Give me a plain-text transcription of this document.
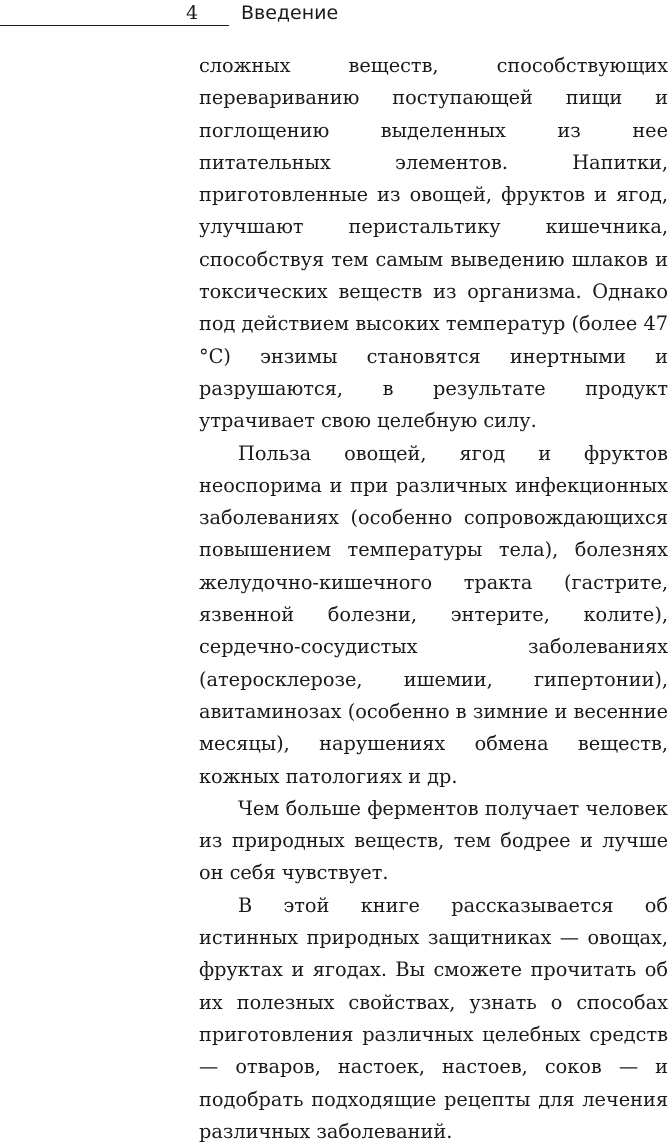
4 Введение

сложных веществ, способствующих перевариванию поступающей пищи и поглощению выделенных из нее питательных элементов. Напитки, приготовленные из овощей, фруктов и ягод, улучшают перистальтику кишечника, способствуя тем самым выведению шлаков и токсических веществ из организма. Однако под действием высоких температур (более 47 °C) энзимы становятся инертными и разрушаются, в результате продукт утрачивает свою целебную силу.

Польза овощей, ягод и фруктов неоспорима и при различных инфекционных заболеваниях (особенно сопровождающихся повышением температуры тела), болезнях желудочно-кишечного тракта (гастрите, язвенной болезни, энтерите, колите), сердечно-сосудистых заболеваниях (атеросклерозе, ишемии, гипертонии), авитаминозах (особенно в зимние и весенние месяцы), нарушениях обмена веществ, кожных патологиях и др.

Чем больше ферментов получает человек из природных веществ, тем бодрее и лучше он себя чувствует.

В этой книге рассказывается об истинных природных защитниках — овощах, фруктах и ягодах. Вы сможете прочитать об их полезных свойствах, узнать о способах приготовления различных целебных средств — отваров, настоек, настоев, соков — и подобрать подходящие рецепты для лечения различных заболеваний.
